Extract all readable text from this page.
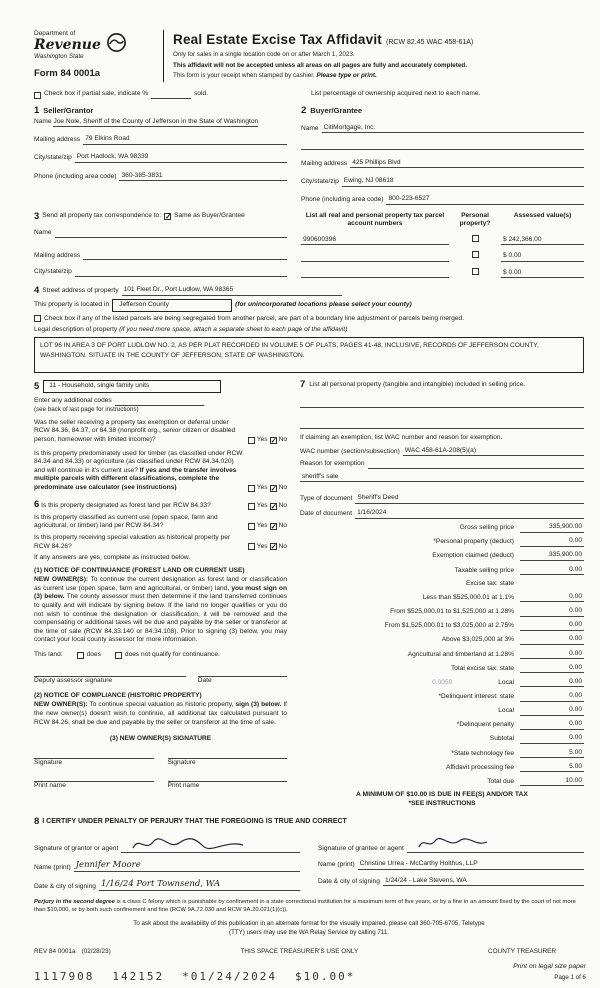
Department of
Revenue
Washington State
Form 84 0001a
Real Estate Excise Tax Affidavit (RCW 82.45 WAC 458-61A)
Only for sales in a single location code on or after March 1, 2023.
This affidavit will not be accepted unless all areas on all pages are fully and accurately completed.
This form is your receipt when stamped by cashier. Please type or print.
Check box if partial sale, indicate %	sold.	List percentage of ownership acquired next to each name.
1 Seller/Grantor
Name Joe Nole, Sheriff of the County of Jefferson in the State of Washington
Mailing address 79 Elkins Road
City/state/zip Port Hadlock, WA 98339
Phone (including area code) 360-385-3831
2 Buyer/Grantee
Name CitiMortgage, Inc.
Mailing address 425 Phillips Blvd
City/state/zip Ewing, NJ 08618
Phone (including area code) 800-223-6527
3 Send all property tax correspondence to: ✓ Same as Buyer/Grantee
Name
Mailing address
City/state/zip
List all real and personal property tax parcel account numbers
Personal property?
Assessed value(s)
990600396	$ 242,366.00
$ 0.00
$ 0.00
4 Street address of property 101 Fleet Dr., Port Ludlow, WA 98365
This property is located in	Jefferson County	(for unincorporated locations please select your county)
Check box if any of the listed parcels are being segregated from another parcel, are part of a boundary line adjustment or parcels being merged.
Legal description of property (if you need more space, attach a separate sheet to each page of the affidavit)
LOT 96 IN AREA 3 OF PORT LUDLOW NO. 2, AS PER PLAT RECORDED IN VOLUME 5 OF PLATS, PAGES 41-48, INCLUSIVE, RECORDS OF JEFFERSON COUNTY, WASHINGTON. SITUATE IN THE COUNTY OF JEFFERSON, STATE OF WASHINGTON.
5	11 - Household, single family units
Enter any additional codes
(see back of last page for instructions)
Was the seller receiving a property tax exemption or deferral under RCW 84.36, 84.37, or 84.38 (nonprofit org., senior citizen or disabled person, homeowner with limited income)?	Yes ✓ No
Is this property predominately used for timber (as classified under RCW 84.34 and 84.33) or agriculture (as classified under RCW 84.34.020) and will continue in it's current use? If yes and the transfer involves multiple parcels with different classifications, complete the predominate use calculator (see instructions)	Yes ✓ No
6 Is this property designated as forest land per RCW 84.33?	Yes ✓ No
Is this property classified as current use (open space, farm and agricultural, or timber) land per RCW 84.34?	Yes ✓ No
Is this property receiving special valuation as historical property per RCW 84.26?	Yes ✓ No
If any answers are yes, complete as instructed below.
(1) NOTICE OF CONTINUANCE (FOREST LAND OR CURRENT USE)
NEW OWNER(S): To continue the current designation as forest land or classification as current use (open space, farm and agricultural, or timber) land, you must sign on (3) below. The county assessor must then determine if the land transferred continues to qualify and will indicate by signing below. If the land no longer qualifies or you do not wish to continue the designation or classification, it will be removed and the compensating or additional taxes will be due and payable by the seller or transferor at the time of sale (RCW 84.33.140 or 84.34.108). Prior to signing (3) below, you may contact your local county assessor for more information.
This land:	does	does not qualify for continuance.
Deputy assessor signature	Date
(2) NOTICE OF COMPLIANCE (HISTORIC PROPERTY)
NEW OWNER(S): To continue special valuation as historic property, sign (3) below. If the new owner(s) doesn't wish to continue, all additional tax calculated pursuant to RCW 84.26, shall be due and payable by the seller or transferor at the time of sale.
(3) NEW OWNER(S) SIGNATURE
Signature	Signature
Print name	Print name
7 List all personal property (tangible and intangible) included in selling price.
If claiming an exemption, list WAC number and reason for exemption.
WAC number (section/subsection) WAC 458-61A-208(5)(a)
Reason for exemption
sheriff's sale
Type of document Sheriff's Deed
Date of document 1/16/2024
Gross selling price	335,900.00
*Personal property (deduct)	0.00
Exemption claimed (deduct)	335,900.00
Taxable selling price	0.00
Excise tax: state
Less than $525,000.01 at 1.1%	0.00
From $525,000.01 to $1,525,000 at 1.28%	0.00
From $1,525,000.01 to $3,025,000 at 2.75%	0.00
Above $3,025,000 at 3%	0.00
Agricultural and timberland at 1.28%	0.00
Total excise tax: state	0.00
0.0050	Local	0.00
*Delinquent interest: state	0.00
Local	0.00
*Delinquent penalty	0.00
Subtotal	0.00
*State technology fee	5.00
Affidavit processing fee	5.00
Total due	10.00
A MINIMUM OF $10.00 IS DUE IN FEE(S) AND/OR TAX
*SEE INSTRUCTIONS
8 I CERTIFY UNDER PENALTY OF PERJURY THAT THE FOREGOING IS TRUE AND CORRECT
Signature of grantor or agent
Name (print) Jennifer Moore
Date & city of signing 1/16/24 Port Townsend, WA
Signature of grantee or agent
Name (print) Christine Urrea - McCarthy Holthus, LLP
Date & city of signing 1/24/24 - Lake Stevens, WA
Perjury in the second degree is a class C felony which is punishable by confinement in a state correctional institution for a maximum term of five years, or by a fine in an amount fixed by the court of not more than $10,000, or by both such confinement and fine (RCW 9A.72.030 and RCW 9A.20.021(1)(c)).
To ask about the availability of this publication in an alternate format for the visually impaired, please call 360-705-6705. Teletype
(TTY) users may use the WA Relay Service by calling 711.
REV 84 0001a (02/28/23)	THIS SPACE TREASURER'S USE ONLY	COUNTY TREASURER
1117908 142152 *01/24/2024 $10.00*
Print on legal size paper
Page 1 of 6
